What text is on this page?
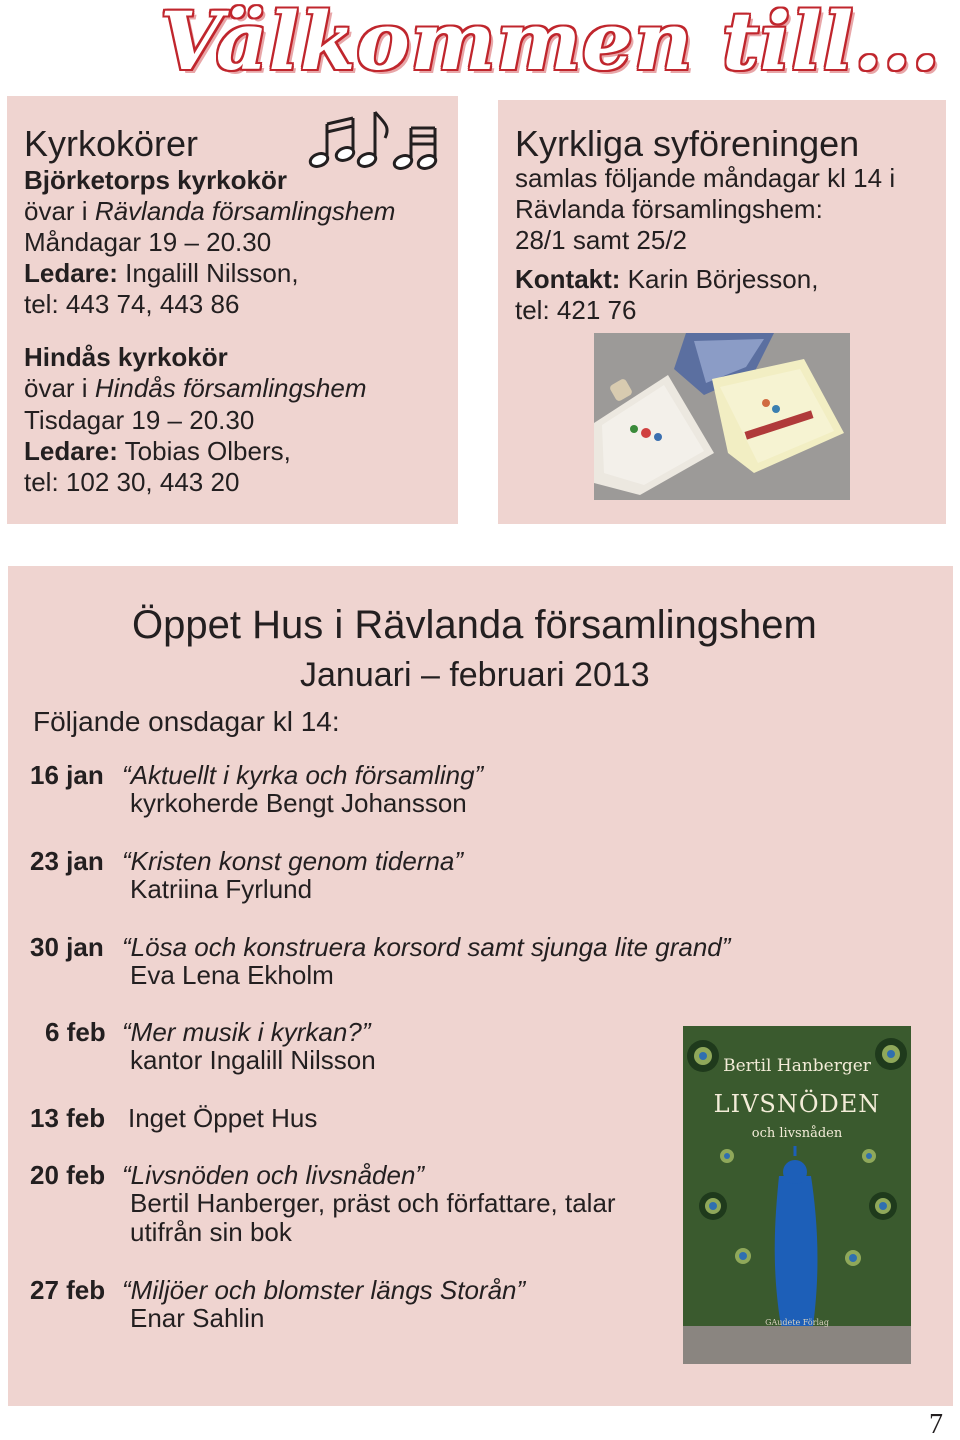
Välkommen till...
Kyrkokörer
Björketorps kyrkokör
övar i Rävlanda församlingshem
Måndagar 19 – 20.30
Ledare: Ingalill Nilsson,
tel: 443 74, 443 86
Hindås kyrkokör
övar i Hindås församlingshem
Tisdagar 19 – 20.30
Ledare: Tobias Olbers,
tel: 102 30, 443 20
Kyrkliga syföreningen
samlas följande måndagar kl 14 i
Rävlanda församlingshem:
28/1 samt 25/2
Kontakt: Karin Börjesson,
tel: 421 76
Öppet Hus i Rävlanda församlingshem
Januari – februari 2013
Följande onsdagar kl 14:
16 jan “Aktuellt i kyrka och församling”
kyrkoherde Bengt Johansson
23 jan “Kristen konst genom tiderna”
Katriina Fyrlund
30 jan “Lösa och konstruera korsord samt sjunga lite grand”
Eva Lena Ekholm
6 feb “Mer musik i kyrkan?”
kantor Ingalill Nilsson
13 feb Inget Öppet Hus
20 feb “Livsnöden och livsnåden”
Bertil Hanberger, präst och författare, talar utifrån sin bok
27 feb “Miljöer och blomster längs Storån”
Enar Sahlin
Bertil Hanberger
LIVSNÖDEN
och livsnåden
GAudete Förlag
7
